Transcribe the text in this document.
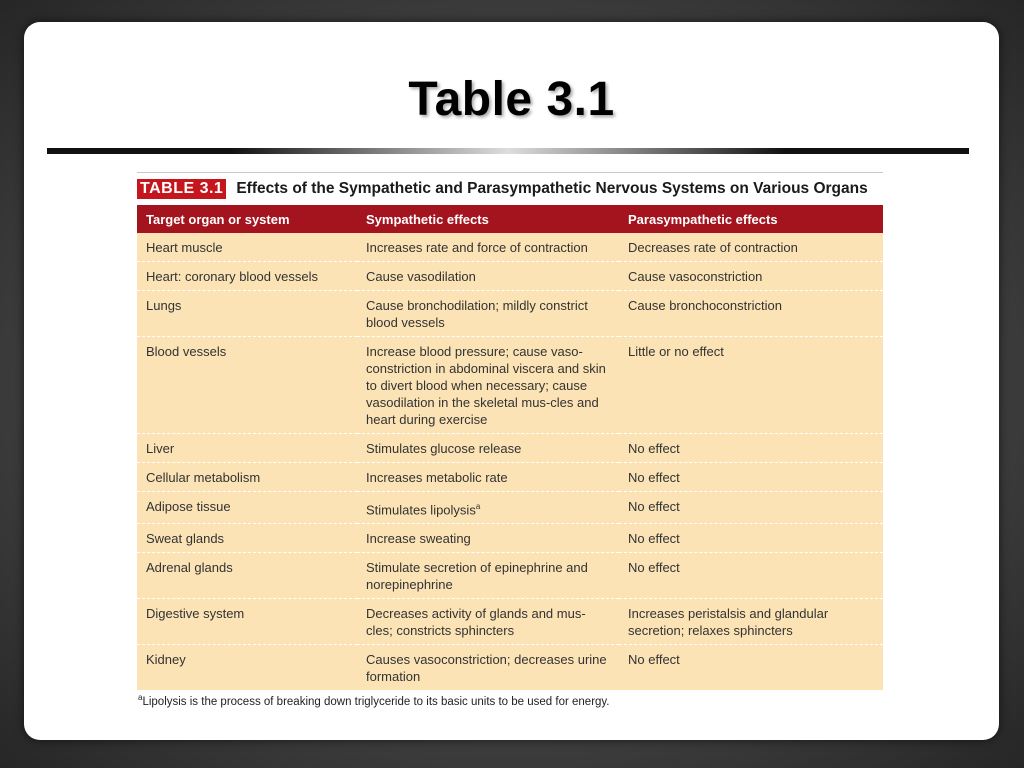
Table 3.1
TABLE 3.1 Effects of the Sympathetic and Parasympathetic Nervous Systems on Various Organs
Target organ or system	Sympathetic effects	Parasympathetic effects
Heart muscle	Increases rate and force of contraction	Decreases rate of contraction
Heart: coronary blood vessels	Cause vasodilation	Cause vasoconstriction
Lungs	Cause bronchodilation; mildly constrict blood vessels	Cause bronchoconstriction
Blood vessels	Increase blood pressure; cause vaso-constriction in abdominal viscera and skin to divert blood when necessary; cause vasodilation in the skeletal mus-cles and heart during exercise	Little or no effect
Liver	Stimulates glucose release	No effect
Cellular metabolism	Increases metabolic rate	No effect
Adipose tissue	Stimulates lipolysis$^a$	No effect
Sweat glands	Increase sweating	No effect
Adrenal glands	Stimulate secretion of epinephrine and norepinephrine	No effect
Digestive system	Decreases activity of glands and mus-cles; constricts sphincters	Increases peristalsis and glandular secretion; relaxes sphincters
Kidney	Causes vasoconstriction; decreases urine formation	No effect
$^a$Lipolysis is the process of breaking down triglyceride to its basic units to be used for energy.
